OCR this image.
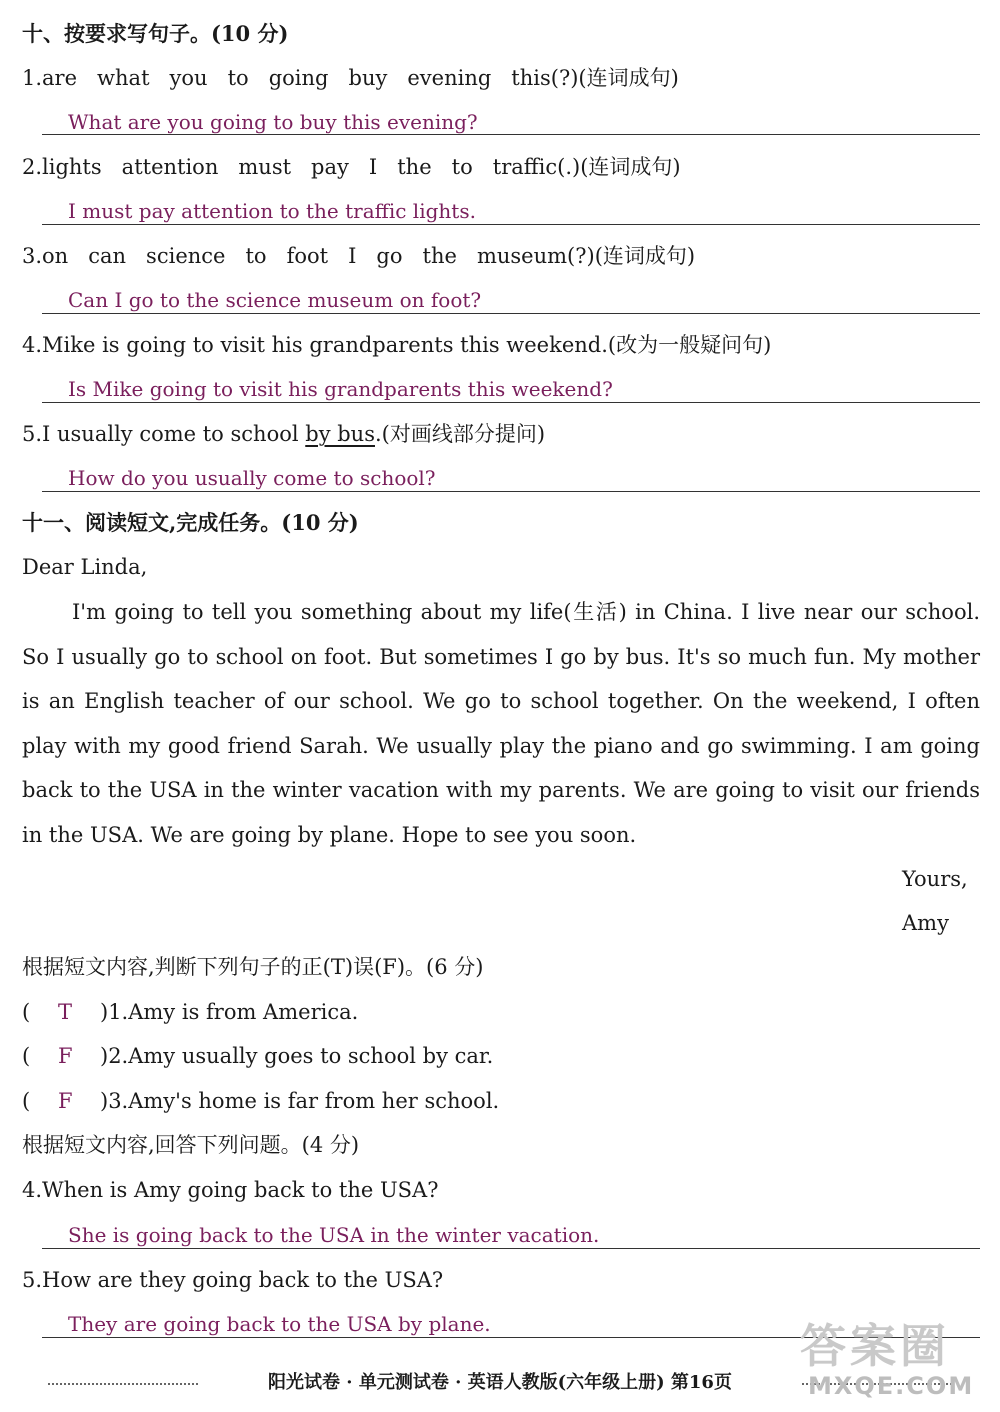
十、按要求写句子。(10 分)
1.are   what   you   to   going   buy   evening   this(?)(连词成句)
What are you going to buy this evening?
2.lights   attention   must   pay   I   the   to   traffic(.)(连词成句)
I must pay attention to the traffic lights.
3.on   can   science   to   foot   I   go   the   museum(?)(连词成句)
Can I go to the science museum on foot?
4.Mike is going to visit his grandparents this weekend.(改为一般疑问句)
Is Mike going to visit his grandparents this weekend?
5.I usually come to school by bus.(对画线部分提问)
How do you usually come to school?
十一、阅读短文,完成任务。(10 分)
Dear Linda,
I'm going to tell you something about my life(生活) in China. I live near our school. So I usually go to school on foot. But sometimes I go by bus. It's so much fun. My mother is an English teacher of our school. We go to school together. On the weekend, I often play with my good friend Sarah. We usually play the piano and go swimming. I am going back to the USA in the winter vacation with my parents. We are going to visit our friends in the USA. We are going by plane. Hope to see you soon.
Yours,
Amy
根据短文内容,判断下列句子的正(T)误(F)。(6 分)
( T )1.Amy is from America.
( F )2.Amy usually goes to school by car.
( F )3.Amy's home is far from her school.
根据短文内容,回答下列问题。(4 分)
4.When is Amy going back to the USA?
She is going back to the USA in the winter vacation.
5.How are they going back to the USA?
They are going back to the USA by plane.
阳光试卷 · 单元测试卷 · 英语人教版(六年级上册) 第16页
答案圈
MXQE.COM
